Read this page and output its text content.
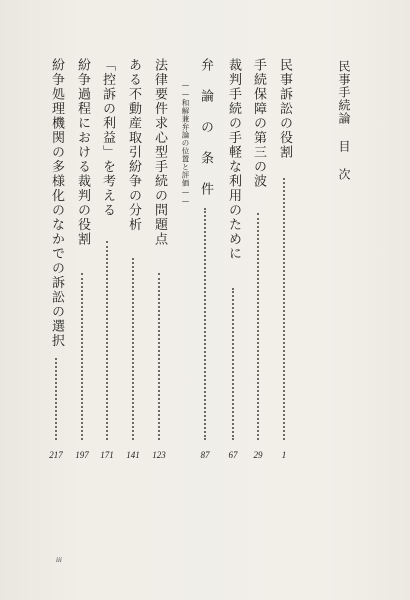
民事手続論 目 次
民事訴訟の役割
1
手続保障の第三の波
29
裁判手続の手軽な利用のために
67
弁 論 の 条 件
87
——和解兼弁論の位置と評価——
法律要件求心型手続の問題点
123
ある不動産取引紛争の分析
141
「控訴の利益」を考える
171
紛争過程における裁判の役割
197
紛争処理機関の多様化のなかでの訴訟の選択
217
iii
